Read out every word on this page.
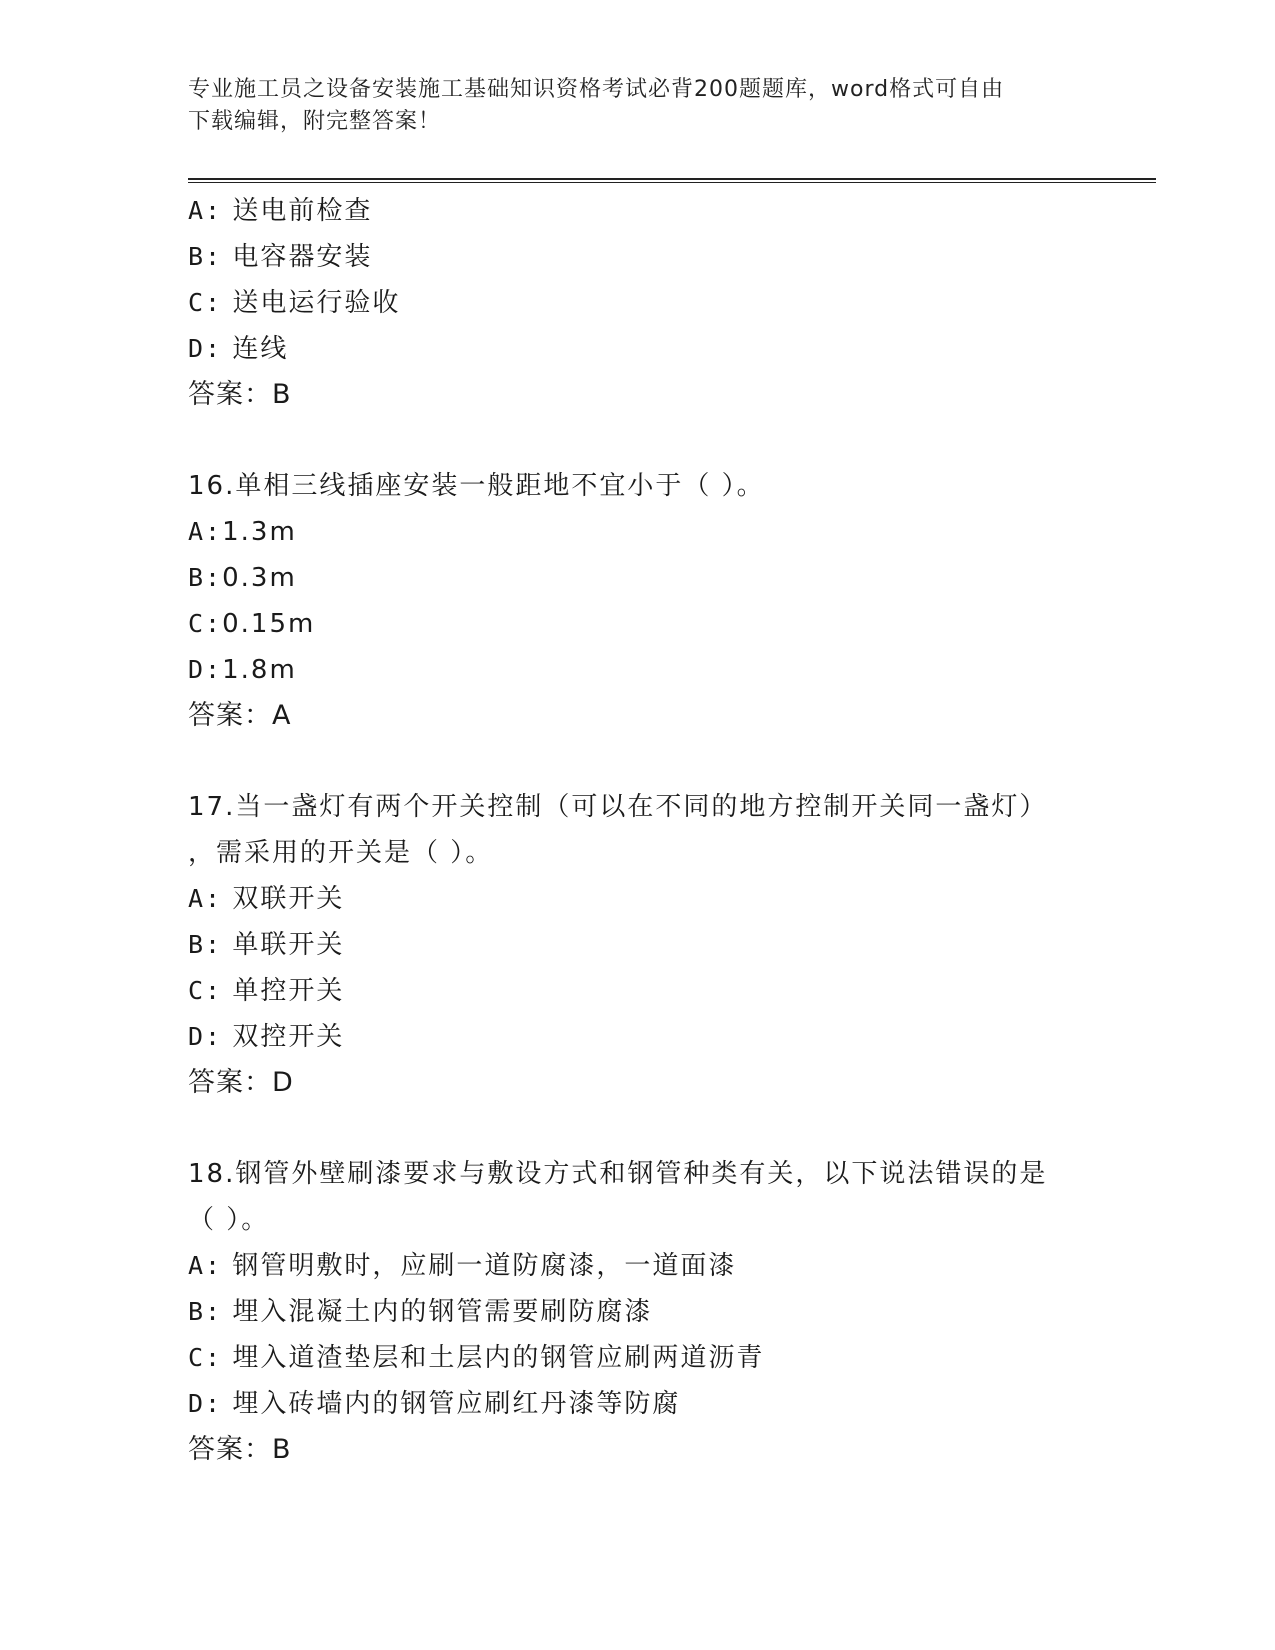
专业施工员之设备安装施工基础知识资格考试必背200题题库，word格式可自由
下载编辑，附完整答案！
A: 送电前检查
B: 电容器安装
C: 送电运行验收
D: 连线
答案：B
16.单相三线插座安装一般距地不宜小于（ ）。
A:1.3m
B:0.3m
C:0.15m
D:1.8m
答案：A
17.当一盏灯有两个开关控制（可以在不同的地方控制开关同一盏灯）
，需采用的开关是（ ）。
A: 双联开关
B: 单联开关
C: 单控开关
D: 双控开关
答案：D
18.钢管外壁刷漆要求与敷设方式和钢管种类有关，以下说法错误的是
（ ）。
A: 钢管明敷时，应刷一道防腐漆，一道面漆
B: 埋入混凝土内的钢管需要刷防腐漆
C: 埋入道渣垫层和土层内的钢管应刷两道沥青
D: 埋入砖墙内的钢管应刷红丹漆等防腐
答案：B
